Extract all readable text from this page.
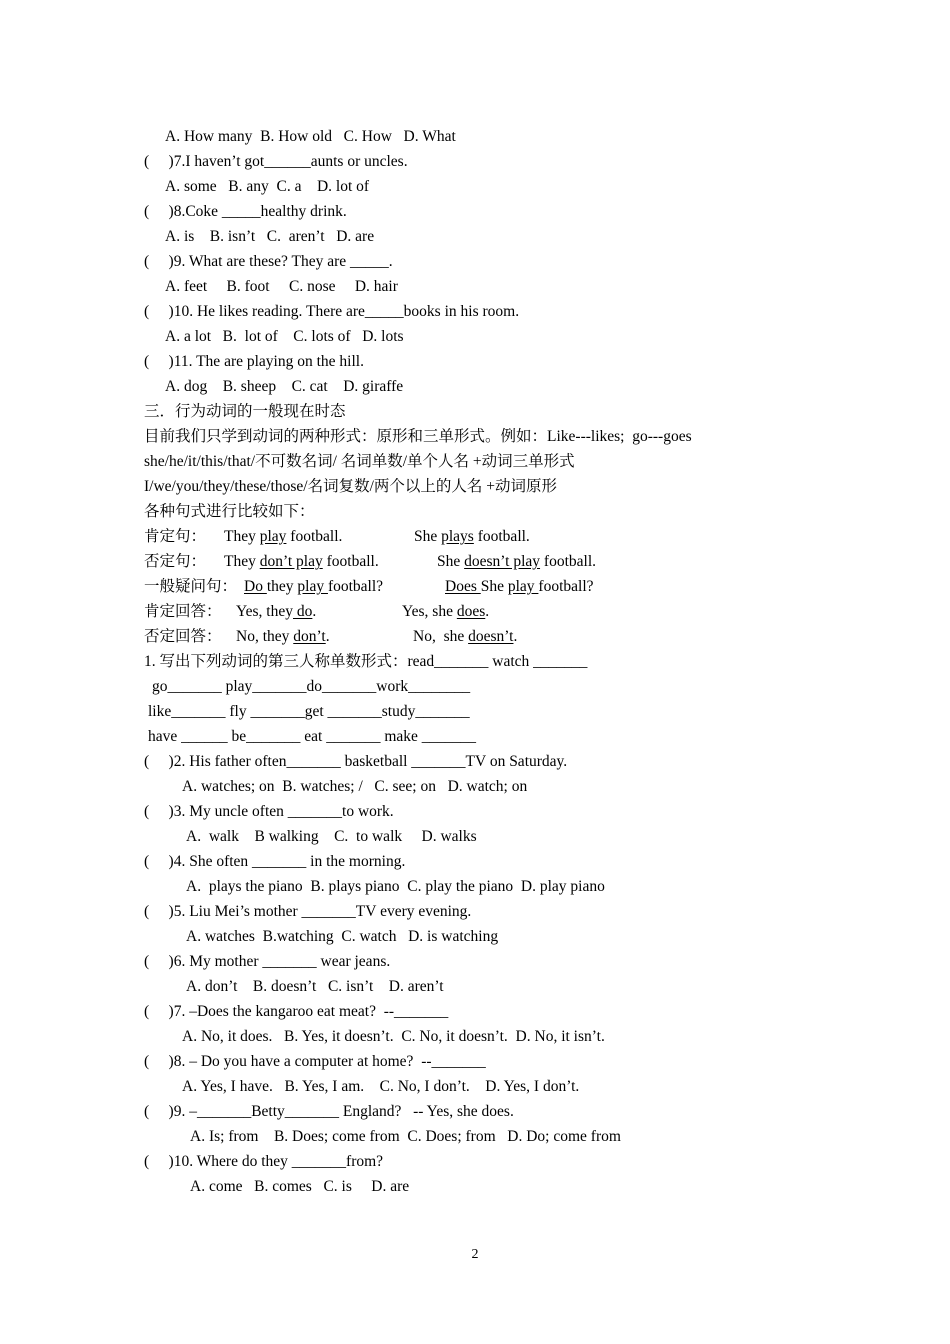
A. How many  B. How old   C. How   D. What
(     )7.I haven’t got______aunts or uncles.
A. some   B. any  C. a    D. lot of
(     )8.Coke _____healthy drink.
A. is    B. isn’t   C.  aren’t   D. are
(     )9. What are these? They are _____.
A. feet     B. foot     C. nose     D. hair
(     )10. He likes reading. There are_____books in his room.
A. a lot   B.  lot of    C. lots of   D. lots
(     )11. The are playing on the hill.
A. dog    B. sheep    C. cat    D. giraffe
三．行为动词的一般现在时态
目前我们只学到动词的两种形式：原形和三单形式。例如：Like---likes;  go---goes
she/he/it/this/that/不可数名词/ 名词单数/单个人名 +动词三单形式
I/we/you/they/these/those/名词复数/两个以上的人名 +动词原形
各种句式进行比较如下：
肯定句： They play football.	She plays football.
否定句： They don’t play football.	She doesn’t play football.
一般疑问句： Do they play football?	Does She play football?
肯定回答： Yes, they do.	Yes, she does.
否定回答： No, they don’t.	No,  she doesn’t.
1. 写出下列动词的第三人称单数形式：read_______ watch _______
go_______ play_______do_______work________
like_______ fly _______get _______study_______
have ______ be_______ eat _______ make _______
(     )2. His father often_______ basketball _______TV on Saturday.
A. watches; on  B. watches; /   C. see; on   D. watch; on
(     )3. My uncle often _______to work.
A.  walk    B walking    C.  to walk     D. walks
(     )4. She often _______ in the morning.
A.  plays the piano  B. plays piano  C. play the piano  D. play piano
(     )5. Liu Mei’s mother _______TV every evening.
A. watches  B.watching  C. watch   D. is watching
(     )6. My mother _______ wear jeans.
A. don’t    B. doesn’t   C. isn’t    D. aren’t
(     )7. –Does the kangaroo eat meat?  --_______
A. No, it does.   B. Yes, it doesn’t.  C. No, it doesn’t.  D. No, it isn’t.
(     )8. – Do you have a computer at home?  --_______
A. Yes, I have.   B. Yes, I am.    C. No, I don’t.    D. Yes, I don’t.
(     )9. –_______Betty_______ England?   -- Yes, she does.
A. Is; from    B. Does; come from  C. Does; from   D. Do; come from
(     )10. Where do they _______from?
A. come   B. comes   C. is     D. are
2
